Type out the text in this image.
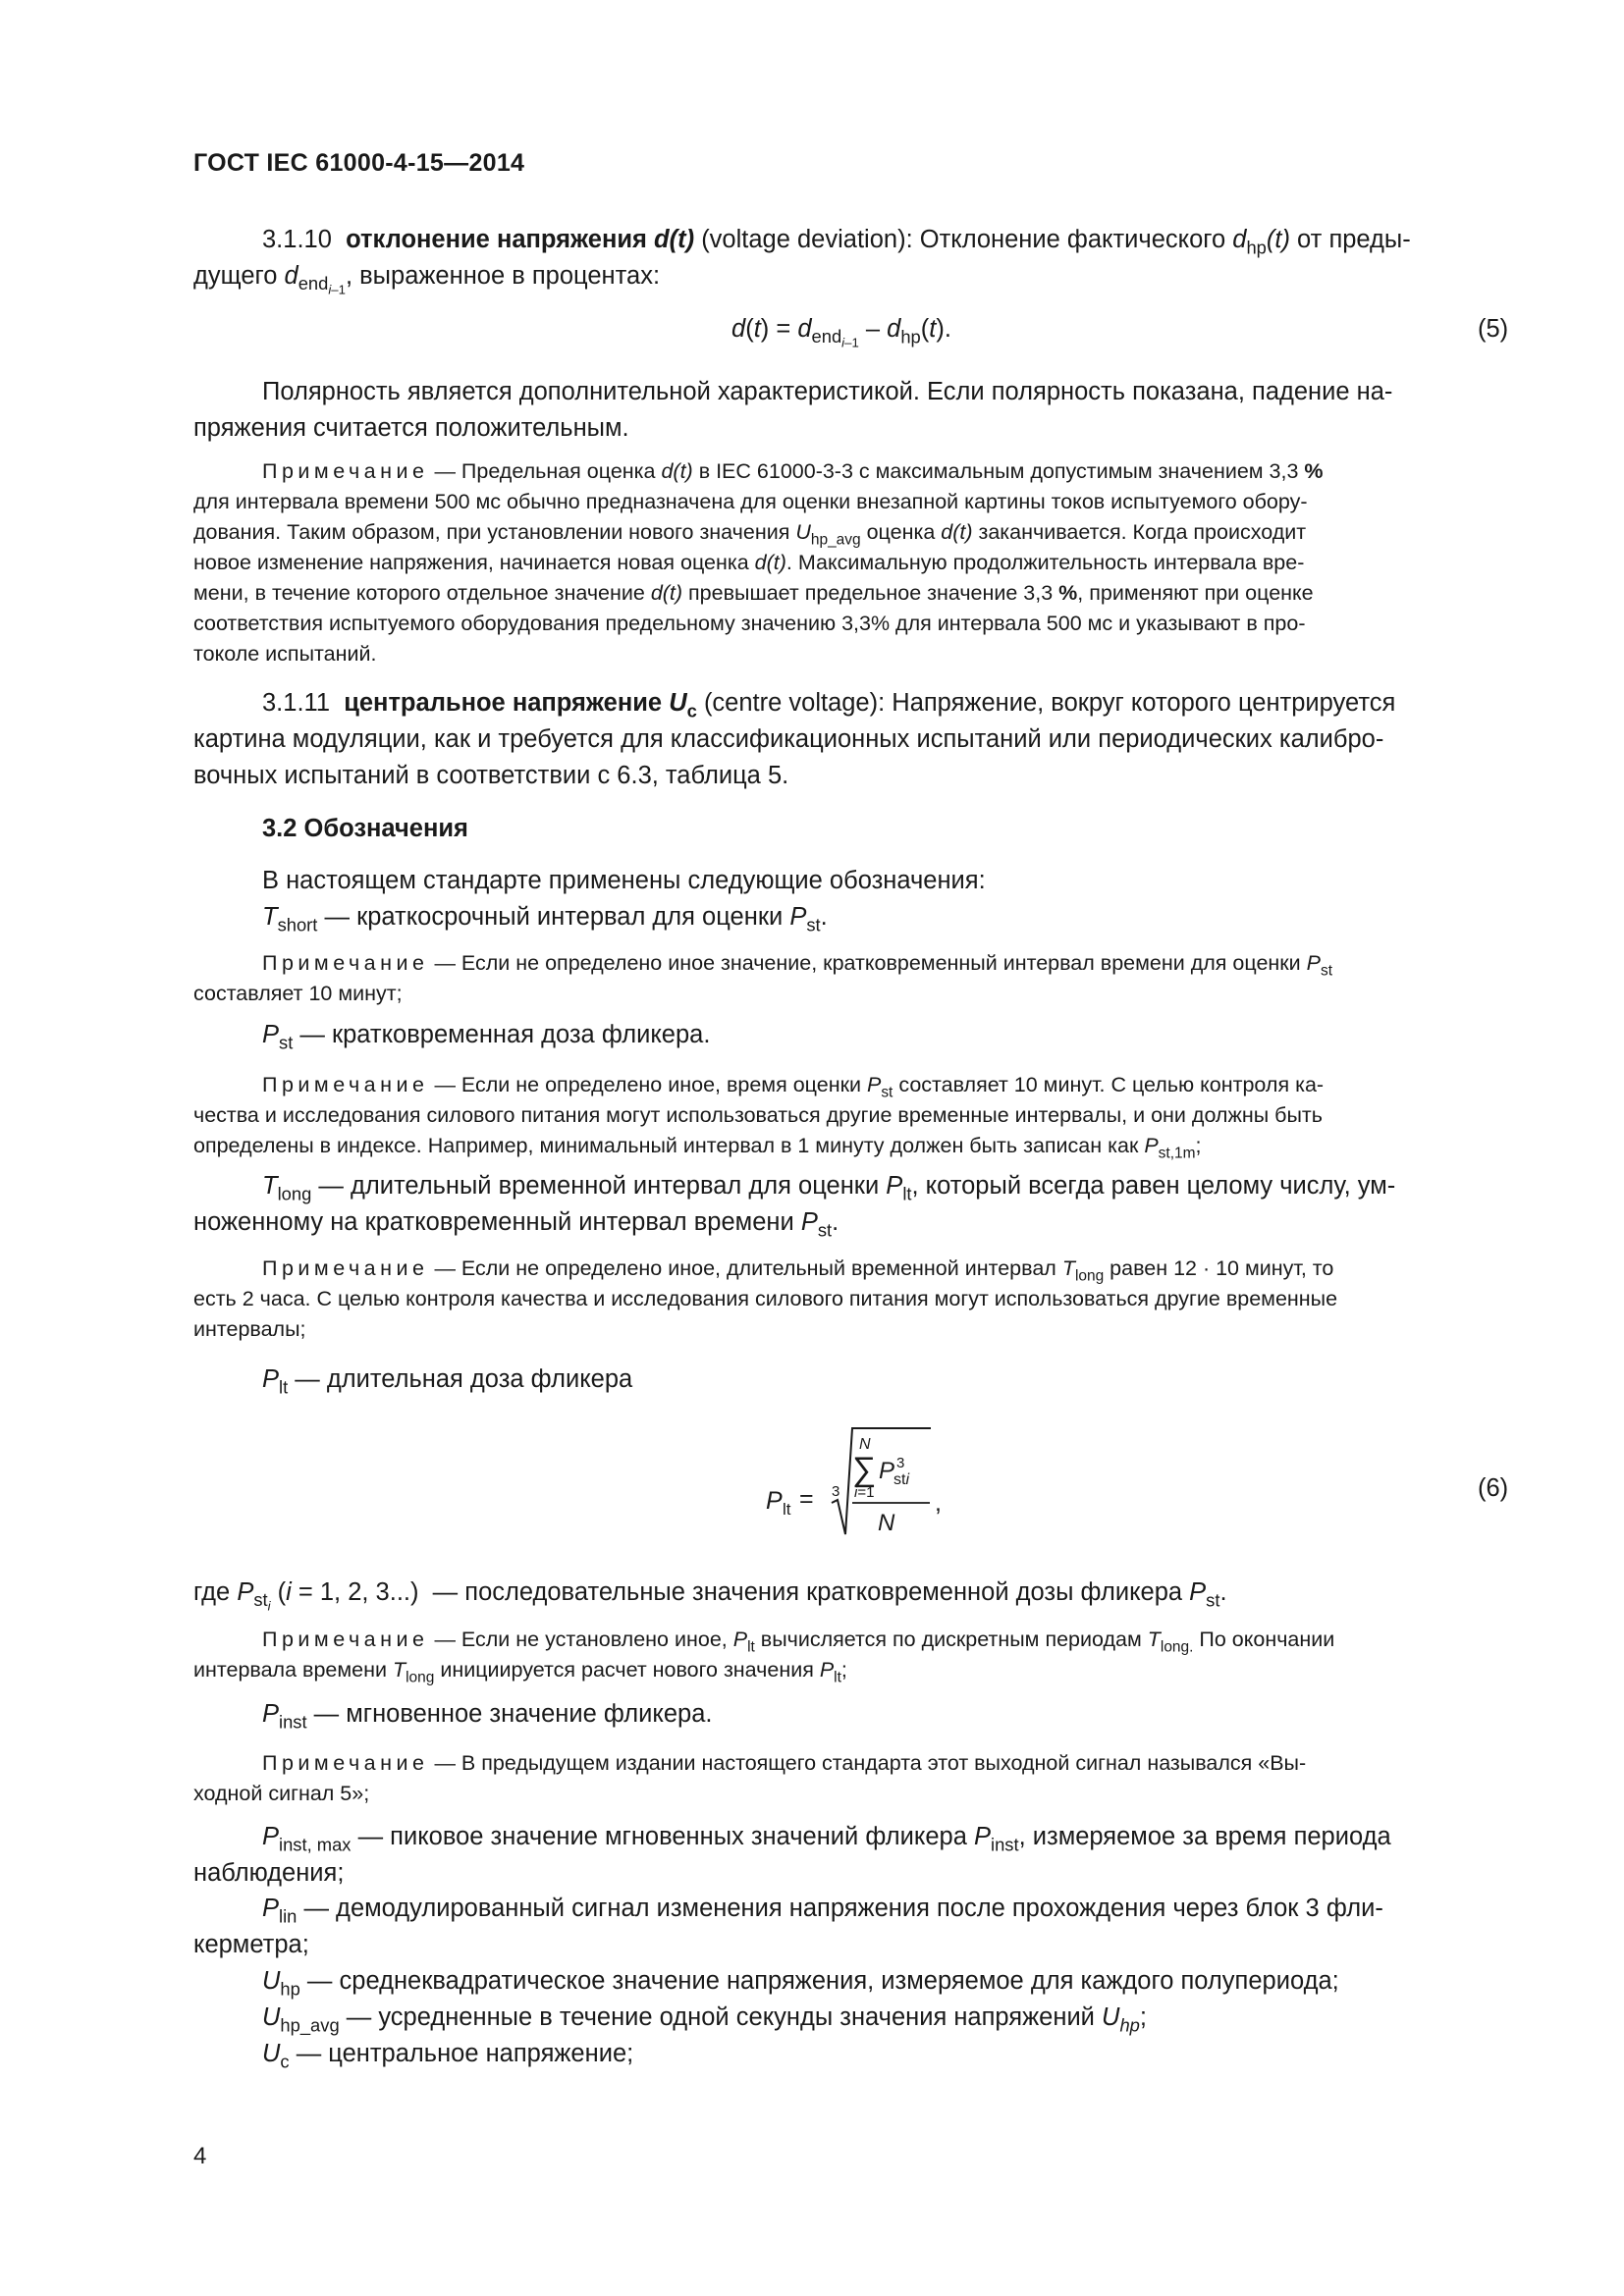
ГОСТ IEC 61000-4-15—2014
3.1.10 отклонение напряжения d(t) (voltage deviation): Отклонение фактического $d_{hp}(t)$ от преды-
дущего $d_{end_{i-1}}$, выраженное в процентах:
$d(t) = d_{end_{i-1}} - d_{hp}(t)$.	(5)
Полярность является дополнительной характеристикой. Если полярность показана, падение на-
пряжения считается положительным.
Примечание — Предельная оценка d(t) в IEC 61000-3-3 с максимальным допустимым значением 3,3 %
для интервала времени 500 мс обычно предназначена для оценки внезапной картины токов испытуемого обору-
дования. Таким образом, при установлении нового значения $U_{hp\_avg}$ оценка d(t) заканчивается. Когда происходит
новое изменение напряжения, начинается новая оценка d(t). Максимальную продолжительность интервала вре-
мени, в течение которого отдельное значение d(t) превышает предельное значение 3,3 %, применяют при оценке
соответствия испытуемого оборудования предельному значению 3,3% для интервала 500 мс и указывают в про-
токоле испытаний.
3.1.11 центральное напряжение $U_c$ (centre voltage): Напряжение, вокруг которого центрируется
картина модуляции, как и требуется для классификационных испытаний или периодических калибро-
вочных испытаний в соответствии с 6.3, таблица 5.
3.2 Обозначения
В настоящем стандарте применены следующие обозначения:
$T_{short}$ — краткосрочный интервал для оценки $P_{st}$.
Примечание — Если не определено иное значение, кратковременный интервал времени для оценки $P_{st}$
составляет 10 минут;
$P_{st}$ — кратковременная доза фликера.
Примечание — Если не определено иное, время оценки $P_{st}$ составляет 10 минут. С целью контроля ка-
чества и исследования силового питания могут использоваться другие временные интервалы, и они должны быть
определены в индексе. Например, минимальный интервал в 1 минуту должен быть записан как $P_{st,1m}$;
$T_{long}$ — длительный временной интервал для оценки $P_{lt}$, который всегда равен целому числу, ум-
ноженному на кратковременный интервал времени $P_{st}$.
Примечание — Если не определено иное, длительный временной интервал $T_{long}$ равен 12 · 10 минут, то
есть 2 часа. С целью контроля качества и исследования силового питания могут использоваться другие временные
интервалы;
$P_{lt}$ — длительная доза фликера
P lt = 3
N
∑
i=1
P 3
sti
N
,
(6)
где $P_{st_i}$ (i = 1, 2, 3...) — последовательные значения кратковременной дозы фликера $P_{st}$.
Примечание — Если не установлено иное, $P_{lt}$ вычисляется по дискретным периодам $T_{long.}$ По окончании
интервала времени $T_{long}$ инициируется расчет нового значения $P_{lt}$;
$P_{inst}$ — мгновенное значение фликера.
Примечание — В предыдущем издании настоящего стандарта этот выходной сигнал назывался «Вы-
ходной сигнал 5»;
$P_{inst, max}$ — пиковое значение мгновенных значений фликера $P_{inst}$, измеряемое за время периода
наблюдения;
$P_{lin}$ — демодулированный сигнал изменения напряжения после прохождения через блок 3 фли-
керметра;
$U_{hp}$ — среднеквадратическое значение напряжения, измеряемое для каждого полупериода;
$U_{hp\_avg}$ — усредненные в течение одной секунды значения напряжений $U_{hp}$;
$U_c$ — центральное напряжение;
4
